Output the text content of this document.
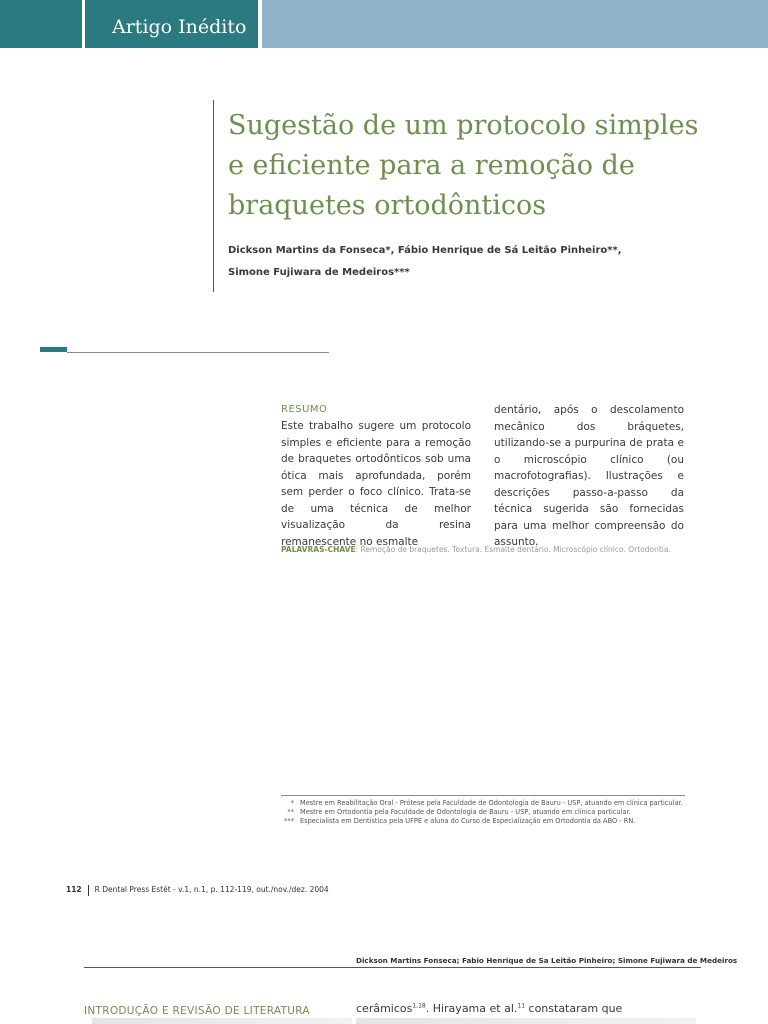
Artigo Inédito
Sugestão de um protocolo simples e eficiente para a remoção de braquetes ortodônticos
Dickson Martins da Fonseca*, Fábio Henrique de Sá Leitão Pinheiro**,
Simone Fujiwara de Medeiros***
RESUMO

Este trabalho sugere um protocolo simples e eficiente para a remoção de braquetes ortodônticos sob uma ótica mais aprofundada, porém sem perder o foco clínico. Trata-se de uma técnica de melhor visualização da resina remanescente no esmalte

dentário, após o descolamento mecânico dos bráquetes, utilizando-se a purpurina de prata e o microscópio clínico (ou macrofotografias). Ilustrações e descrições passo-a-passo da técnica sugerida são fornecidas para uma melhor compreensão do assunto.

PALAVRAS-CHAVE: Remoção de braquetes. Textura. Esmalte dentário. Microscópio clínico. Ortodontia.
* Mestre em Reabilitação Oral - Prótese pela Faculdade de Odontologia de Bauru - USP, atuando em clínica particular.
** Mestre em Ortodontia pela Faculdade de Odontologia de Bauru - USP, atuando em clínica particular.
*** Especialista em Dentística pela UFPE e aluna do Curso de Especialização em Ortodontia da ABO - RN.
112 R Dental Press Estét - v.1, n.1, p. 112-119, out./nov./dez. 2004
Dickson Martins Fonseca; Fabio Henrique de Sa Leitão Pinheiro; Simone Fujiwara de Medeiros
INTRODUÇÃO E REVISÃO DE LITERATURA	cerâmicos$^{1,18}$. Hirayama et al.$^{11}$ constataram que
